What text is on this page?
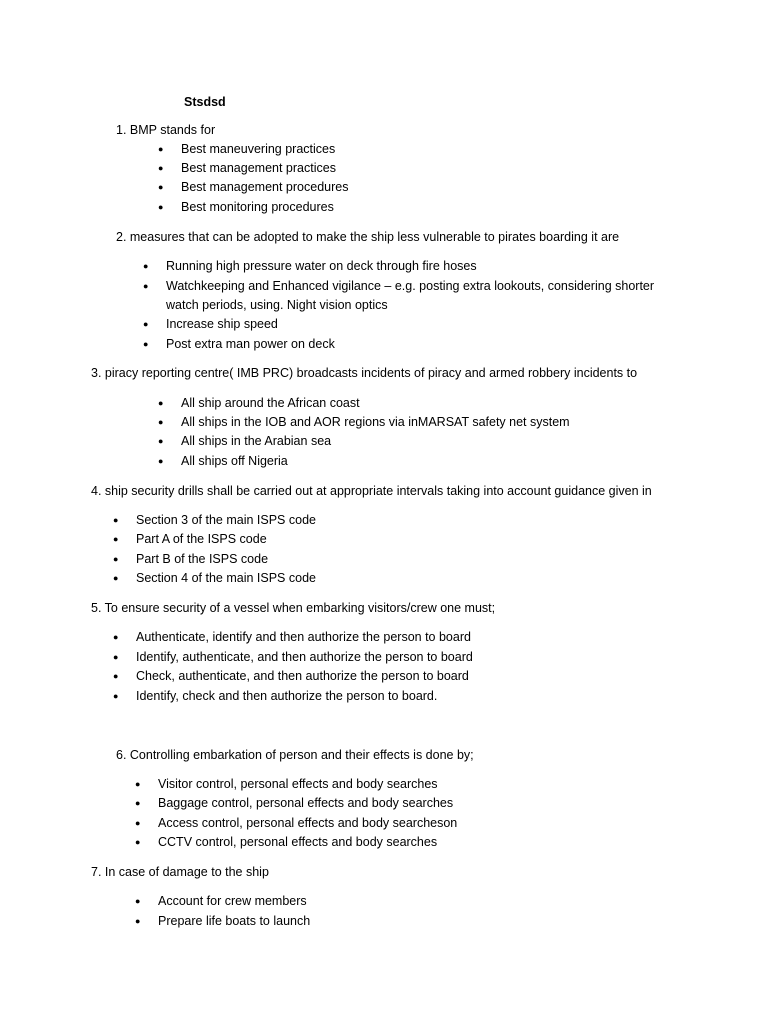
Stsdsd
1. BMP stands for
● Best maneuvering practices
● Best management practices
● Best management procedures
● Best monitoring procedures
2. measures that can be adopted to make the ship less vulnerable to pirates boarding it are
● Running high pressure water on deck through fire hoses
● Watchkeeping and Enhanced vigilance – e.g. posting extra lookouts, considering shorter watch periods, using. Night vision optics
● Increase ship speed
● Post extra man power on deck
3. piracy reporting centre( IMB PRC) broadcasts incidents of piracy and armed robbery incidents to
● All ship around the African coast
● All ships in the IOB and AOR regions via inMARSAT safety net system
● All ships in the Arabian sea
● All ships off Nigeria
4. ship security drills shall be carried out at appropriate intervals taking into account guidance given in
● Section 3 of the main ISPS code
● Part A of the ISPS code
● Part B of the ISPS code
● Section 4 of the main ISPS code
5. To ensure security of a vessel when embarking visitors/crew one must;
● Authenticate, identify and then authorize the person to board
● Identify, authenticate, and then authorize the person to board
● Check, authenticate, and then authorize the person to board
● Identify, check and then authorize the person to board.
6. Controlling embarkation of person and their effects is done by;
● Visitor control, personal effects and body searches
● Baggage control, personal effects and body searches
● Access control, personal effects and body searcheson
● CCTV control, personal effects and body searches
7. In case of damage to the ship
● Account for crew members
● Prepare life boats to launch
